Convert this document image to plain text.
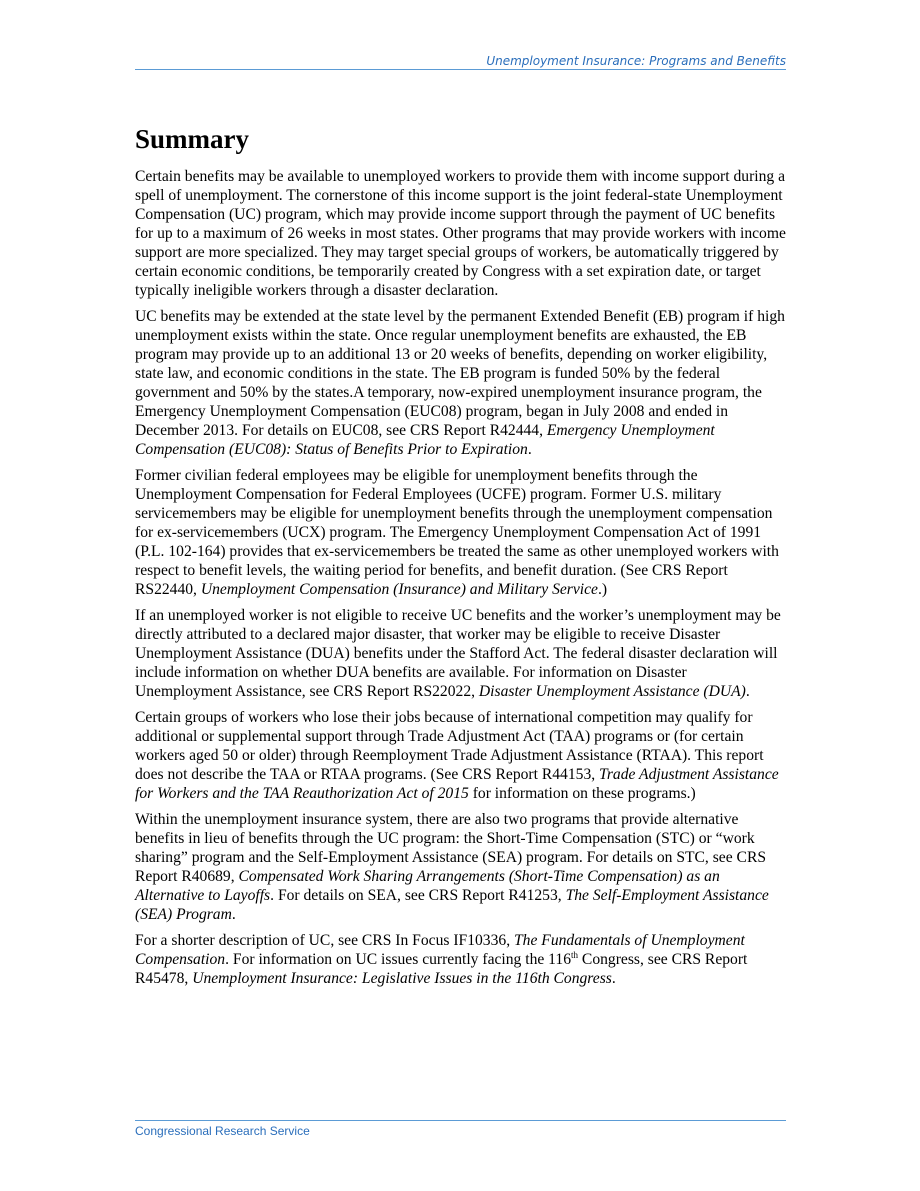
Unemployment Insurance: Programs and Benefits
Summary

Certain benefits may be available to unemployed workers to provide them with income support during a spell of unemployment. The cornerstone of this income support is the joint federal-state Unemployment Compensation (UC) program, which may provide income support through the payment of UC benefits for up to a maximum of 26 weeks in most states. Other programs that may provide workers with income support are more specialized. They may target special groups of workers, be automatically triggered by certain economic conditions, be temporarily created by Congress with a set expiration date, or target typically ineligible workers through a disaster declaration.

UC benefits may be extended at the state level by the permanent Extended Benefit (EB) program if high unemployment exists within the state. Once regular unemployment benefits are exhausted, the EB program may provide up to an additional 13 or 20 weeks of benefits, depending on worker eligibility, state law, and economic conditions in the state. The EB program is funded 50% by the federal government and 50% by the states.A temporary, now-expired unemployment insurance program, the Emergency Unemployment Compensation (EUC08) program, began in July 2008 and ended in December 2013. For details on EUC08, see CRS Report R42444, Emergency Unemployment Compensation (EUC08): Status of Benefits Prior to Expiration.

Former civilian federal employees may be eligible for unemployment benefits through the Unemployment Compensation for Federal Employees (UCFE) program. Former U.S. military servicemembers may be eligible for unemployment benefits through the unemployment compensation for ex-servicemembers (UCX) program. The Emergency Unemployment Compensation Act of 1991 (P.L. 102-164) provides that ex-servicemembers be treated the same as other unemployed workers with respect to benefit levels, the waiting period for benefits, and benefit duration. (See CRS Report RS22440, Unemployment Compensation (Insurance) and Military Service.)

If an unemployed worker is not eligible to receive UC benefits and the worker’s unemployment may be directly attributed to a declared major disaster, that worker may be eligible to receive Disaster Unemployment Assistance (DUA) benefits under the Stafford Act. The federal disaster declaration will include information on whether DUA benefits are available. For information on Disaster Unemployment Assistance, see CRS Report RS22022, Disaster Unemployment Assistance (DUA).

Certain groups of workers who lose their jobs because of international competition may qualify for additional or supplemental support through Trade Adjustment Act (TAA) programs or (for certain workers aged 50 or older) through Reemployment Trade Adjustment Assistance (RTAA). This report does not describe the TAA or RTAA programs. (See CRS Report R44153, Trade Adjustment Assistance for Workers and the TAA Reauthorization Act of 2015 for information on these programs.)

Within the unemployment insurance system, there are also two programs that provide alternative benefits in lieu of benefits through the UC program: the Short-Time Compensation (STC) or “work sharing” program and the Self-Employment Assistance (SEA) program. For details on STC, see CRS Report R40689, Compensated Work Sharing Arrangements (Short-Time Compensation) as an Alternative to Layoffs. For details on SEA, see CRS Report R41253, The Self-Employment Assistance (SEA) Program.

For a shorter description of UC, see CRS In Focus IF10336, The Fundamentals of Unemployment Compensation. For information on UC issues currently facing the 116th Congress, see CRS Report R45478, Unemployment Insurance: Legislative Issues in the 116th Congress.

Congressional Research Service
